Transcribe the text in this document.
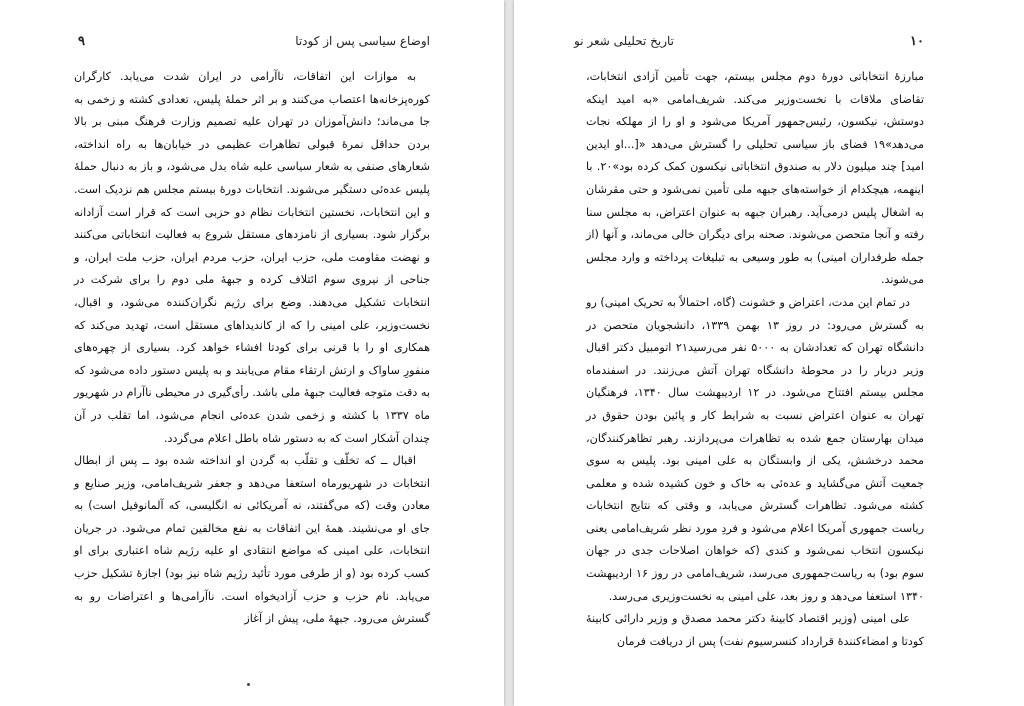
اوضاع سیاسی پس از کودتا
۹

به موازات این اتفاقات، ناآرامی در ایران شدت می‌یابد. کارگران کوره‌پزخانه‌ها اعتصاب می‌کنند و بر اثر حملهٔ پلیس، تعدادی کشته و زخمی به جا می‌ماند؛ دانش‌آموزان در تهران علیه تصمیم وزارت فرهنگ مبنی بر بالا بردن حداقل نمرهٔ قبولی تظاهرات عظیمی در خیابان‌ها به راه انداخته، شعارهای صنفی به شعار سیاسی علیه شاه بدل می‌شود، و باز به دنبال حملهٔ پلیس عده‌ئی دستگیر می‌شوند. انتخابات دورهٔ بیستم مجلس هم نزدیک است. و این انتخابات، نخستین انتخابات نظام دو حزبی است که قرار است آزادانه برگزار شود. بسیاری از نامزدهای مستقل شروع به فعالیت انتخاباتی می‌کنند و نهضت مقاومت ملی، حزب ایران، حزب مردم ایران، حزب ملت ایران، و جناحی از نیروی سوم ائتلاف کرده و جبههٔ ملی دوم را برای شرکت در انتخابات تشکیل می‌دهند. وضع برای رژیم نگران‌کننده می‌شود، و اقبال، نخست‌وزیر، علی امینی را که از کاندیداهای مستقل است، تهدید می‌کند که همکاری او را با قرنی برای کودتا افشاء خواهد کرد. بسیاری از چهره‌های منفورِ ساواک و ارتش ارتقاء مقام می‌یابند و به پلیس دستور داده می‌شود که به دقت متوجه فعالیت جبههٔ ملی باشد. رأی‌گیری در محیطی ناآرام در شهریور ماه ۱۳۳۷ با کشته و زخمی شدن عده‌ئی انجام می‌شود، اما تقلب در آن چندان آشکار است که به دستور شاه باطل اعلام می‌گردد.

اقبال ــ که تخلّف و تقلّب به گردن او انداخته شده بود ــ پس از ابطال انتخابات در شهریورماه استعفا می‌دهد و جعفر شریف‌امامی، وزیر صنایع و معادن وقت (که می‌گفتند، نه آمریکائی نه انگلیسی، که آلمانوفیل است) به جای او می‌نشیند. همهٔ این اتفاقات به نفع مخالفین تمام می‌شود. در جریان انتخابات، علی امینی که مواضع انتقادی او علیه رژیم شاه اعتباری برای او کسب کرده بود (و از طرفی مورد تأئید رژیم شاه نیز بود) اجازهٔ تشکیل حزب می‌یابد. نام حزب و حزب آزادیخواه است. ناآرامی‌ها و اعتراضات رو به گسترش می‌رود. جبههٔ ملی، پیش از آغاز

۱۰
تاریخ تحلیلی شعر نو

مبارزهٔ انتخاباتی دورهٔ دوم مجلس بیستم، جهت تأمین آزادی انتخابات، تقاضای ملاقات با نخست‌وزیر می‌کند. شریف‌امامی «به امید اینکه دوستش، نیکسون، رئیس‌جمهور آمریکا می‌شود و او را از مهلکه نجات می‌دهد»۱۹ فضای باز سیاسی تحلیلی را گسترش می‌دهد «[...او ایدین امید] چند میلیون دلار به صندوق انتخاباتی نیکسون کمک کرده بود»۲۰. با اینهمه، هیچکدام از خواسته‌های جبهه ملی تأمین نمی‌شود و حتی مقرشان به اشغال پلیس درمی‌آید. رهبران جبهه به عنوان اعتراض، به مجلس سنا رفته و آنجا متحصن می‌شوند. صحنه برای دیگران خالی می‌ماند، و آنها (از جمله طرفداران امینی) به طور وسیعی به تبلیغات پرداخته و وارد مجلس می‌شوند.

در تمام این مدت، اعتراض و خشونت (گاه، احتمالاً به تحریک امینی) رو به گسترش می‌رود: در روز ۱۳ بهمن ۱۳۳۹، دانشجویان متحصن در دانشگاه تهران که تعدادشان به ۵۰۰۰ نفر می‌رسید۲۱ اتومبیل دکتر اقبال وزیر دربار را در محوطهٔ دانشگاه تهران آتش می‌زنند. در اسفندماه مجلس بیستم افتتاح می‌شود. در ۱۲ اردیبهشت سال ۱۳۴۰، فرهنگیان تهران به عنوان اعتراض نسبت به شرایط کار و پائین بودن حقوق در میدان بهارستان جمع شده به تظاهرات می‌پردازند. رهبر تظاهرکنندگان، محمد درخشش، یکی از وابستگان به علی امینی بود. پلیس به سوی جمعیت آتش می‌گشاید و عده‌ئی به خاک و خون کشیده شده و معلمی کشته می‌شود. تظاهرات گسترش می‌یابد، و وقتی که نتایج انتخابات ریاست جمهوری آمریکا اعلام می‌شود و فردِ مورد نظر شریف‌امامی یعنی نیکسون انتخاب نمی‌شود و کندی (که خواهان اصلاحات جدی در جهان سوم بود) به ریاست‌جمهوری می‌رسد، شریف‌امامی در روز ۱۶ اردیبهشت ۱۳۴۰ استعفا می‌دهد و روز بعد، علی امینی به نخست‌وزیری می‌رسد.

علی امینی (وزیر اقتصاد کابینهٔ دکتر محمد مصدق و وزیر دارائی کابینهٔ کودتا و امضاءکنندهٔ قرارداد کنسرسیوم نفت) پس از دریافت فرمان
